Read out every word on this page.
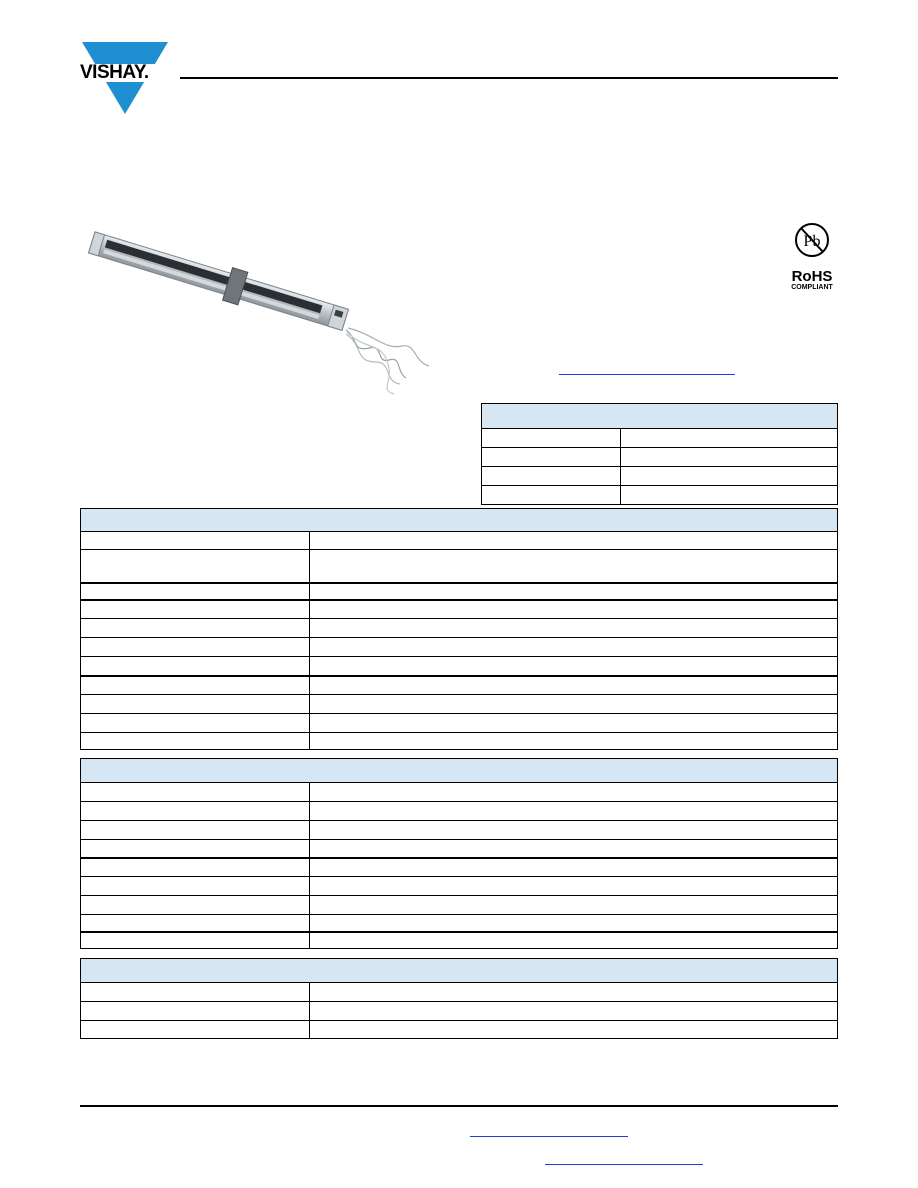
VISHAY.
Pb
RoHS
COMPLIANT
